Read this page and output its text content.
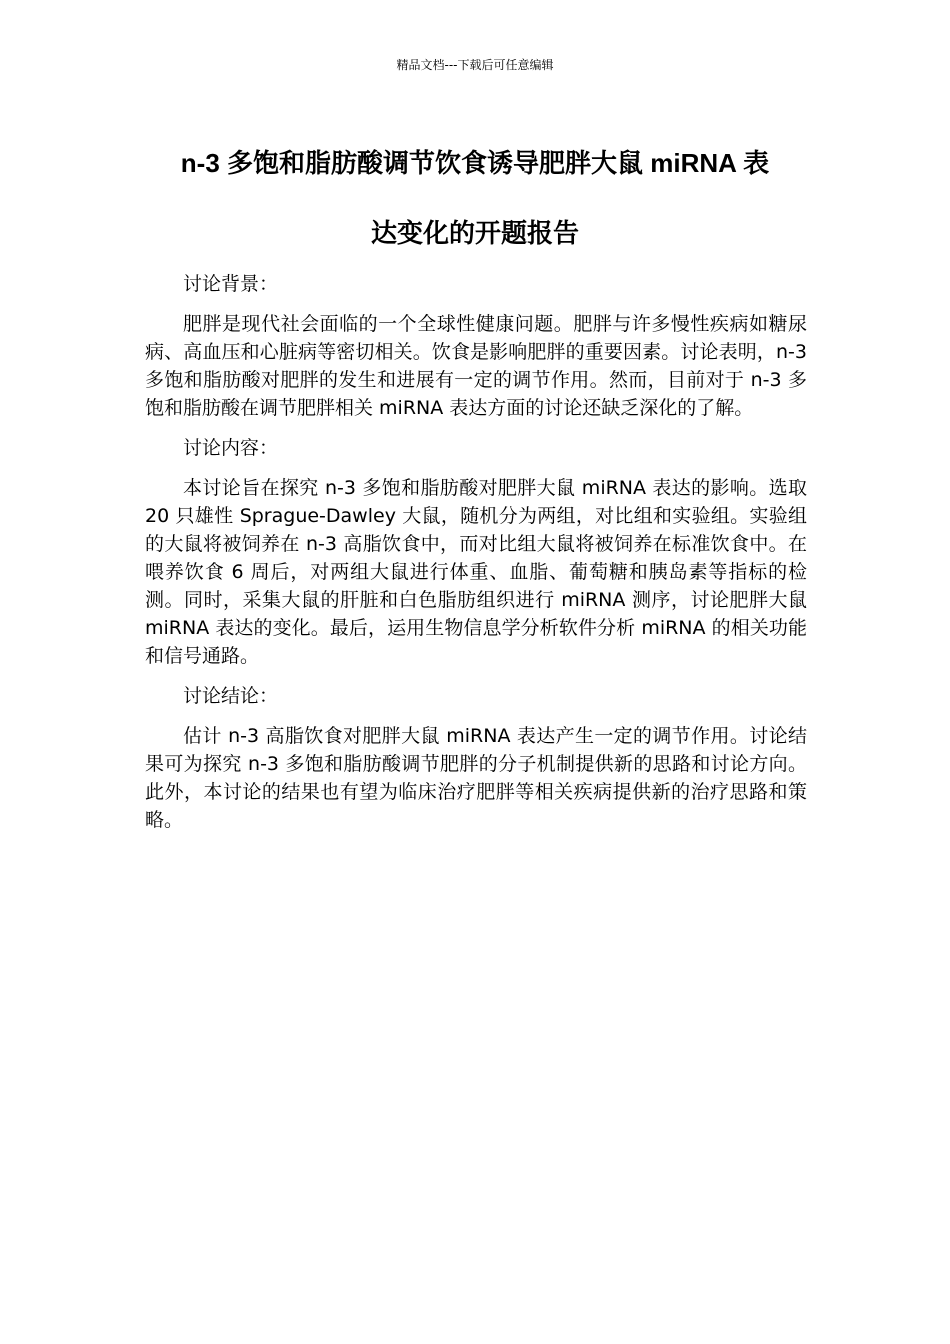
精品文档---下载后可任意编辑
n-3 多饱和脂肪酸调节饮食诱导肥胖大鼠 miRNA 表
达变化的开题报告

讨论背景：

肥胖是现代社会面临的一个全球性健康问题。肥胖与许多慢性疾病如糖尿病、高血压和心脏病等密切相关。饮食是影响肥胖的重要因素。讨论表明，n-3 多饱和脂肪酸对肥胖的发生和进展有一定的调节作用。然而，目前对于 n-3 多饱和脂肪酸在调节肥胖相关 miRNA 表达方面的讨论还缺乏深化的了解。

讨论内容：

本讨论旨在探究 n-3 多饱和脂肪酸对肥胖大鼠 miRNA 表达的影响。选取 20 只雄性 Sprague-Dawley 大鼠，随机分为两组，对比组和实验组。实验组的大鼠将被饲养在 n-3 高脂饮食中，而对比组大鼠将被饲养在标准饮食中。在喂养饮食 6 周后，对两组大鼠进行体重、血脂、葡萄糖和胰岛素等指标的检测。同时，采集大鼠的肝脏和白色脂肪组织进行 miRNA 测序，讨论肥胖大鼠 miRNA 表达的变化。最后，运用生物信息学分析软件分析 miRNA 的相关功能和信号通路。

讨论结论：

估计 n-3 高脂饮食对肥胖大鼠 miRNA 表达产生一定的调节作用。讨论结果可为探究 n-3 多饱和脂肪酸调节肥胖的分子机制提供新的思路和讨论方向。此外，本讨论的结果也有望为临床治疗肥胖等相关疾病提供新的治疗思路和策略。
